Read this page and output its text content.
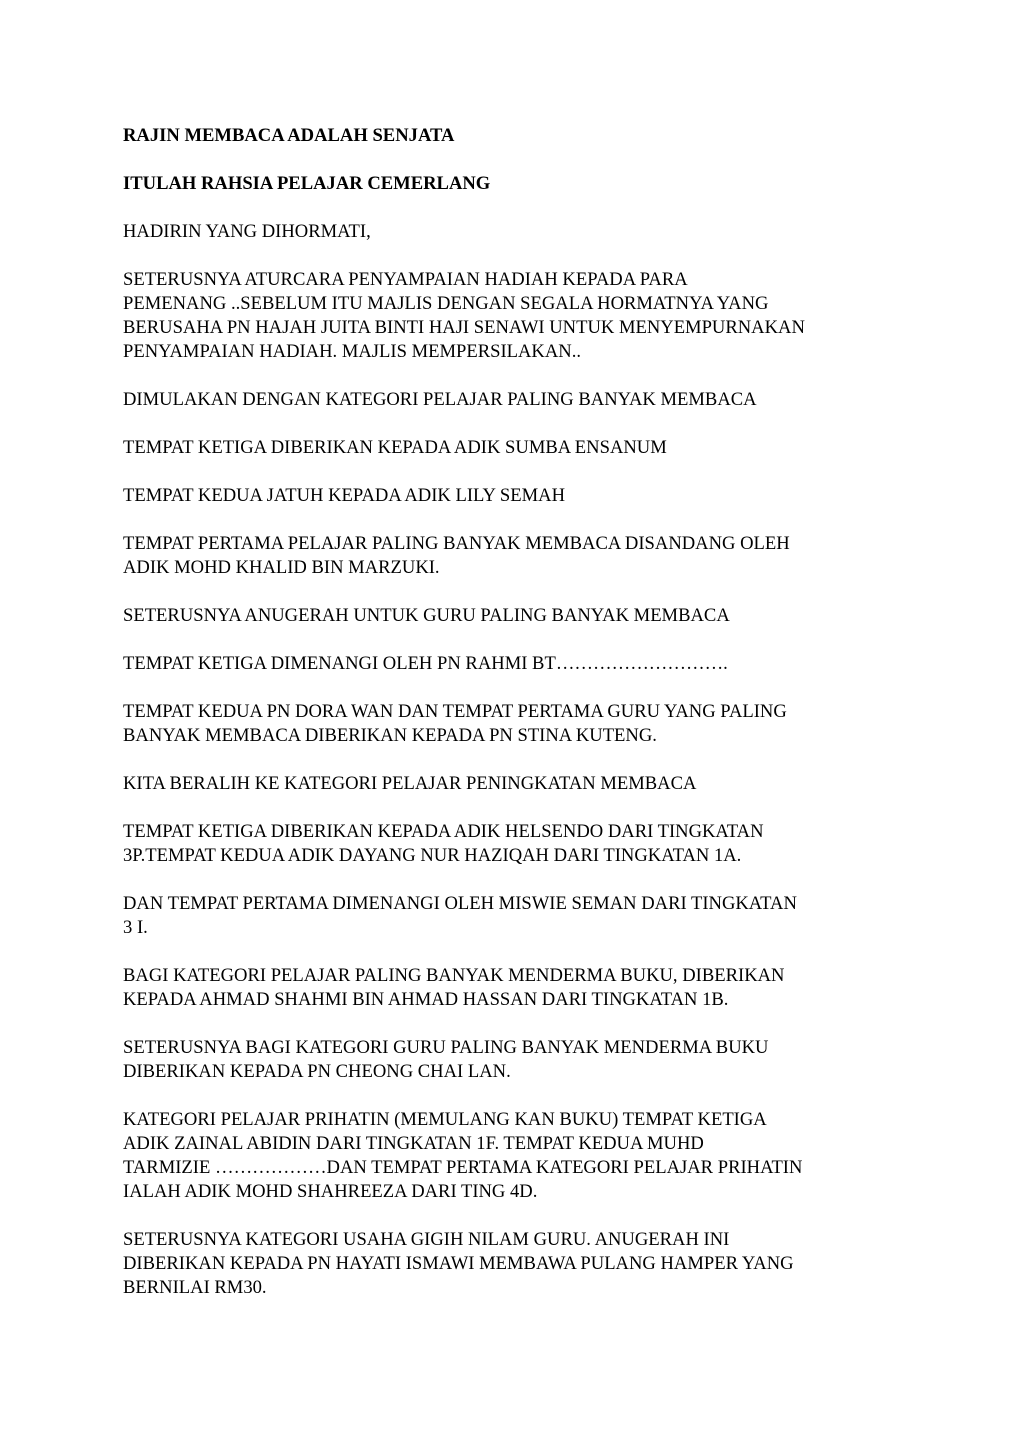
RAJIN MEMBACA ADALAH SENJATA

ITULAH RAHSIA PELAJAR CEMERLANG

HADIRIN YANG DIHORMATI,

SETERUSNYA ATURCARA PENYAMPAIAN HADIAH KEPADA PARA
PEMENANG ..SEBELUM ITU MAJLIS DENGAN SEGALA HORMATNYA YANG
BERUSAHA PN HAJAH JUITA BINTI HAJI SENAWI UNTUK MENYEMPURNAKAN
PENYAMPAIAN HADIAH. MAJLIS MEMPERSILAKAN..

DIMULAKAN DENGAN KATEGORI PELAJAR PALING BANYAK MEMBACA

TEMPAT KETIGA DIBERIKAN KEPADA ADIK SUMBA ENSANUM

TEMPAT KEDUA JATUH KEPADA ADIK LILY SEMAH

TEMPAT PERTAMA PELAJAR PALING BANYAK MEMBACA DISANDANG OLEH
ADIK MOHD KHALID BIN MARZUKI.

SETERUSNYA ANUGERAH UNTUK GURU PALING BANYAK MEMBACA

TEMPAT KETIGA DIMENANGI OLEH PN RAHMI BT……………………….

TEMPAT KEDUA PN DORA WAN DAN TEMPAT PERTAMA GURU YANG PALING
BANYAK MEMBACA DIBERIKAN KEPADA PN STINA KUTENG.

KITA BERALIH KE KATEGORI PELAJAR PENINGKATAN MEMBACA

TEMPAT KETIGA DIBERIKAN KEPADA ADIK HELSENDO DARI TINGKATAN
3P.TEMPAT KEDUA ADIK DAYANG NUR HAZIQAH DARI TINGKATAN 1A.

DAN TEMPAT PERTAMA DIMENANGI OLEH MISWIE SEMAN DARI TINGKATAN
3 I.

BAGI KATEGORI PELAJAR PALING BANYAK MENDERMA BUKU, DIBERIKAN
KEPADA AHMAD SHAHMI BIN AHMAD HASSAN DARI TINGKATAN 1B.

SETERUSNYA BAGI KATEGORI GURU PALING BANYAK MENDERMA BUKU
DIBERIKAN KEPADA PN CHEONG CHAI LAN.

KATEGORI PELAJAR PRIHATIN (MEMULANG KAN BUKU) TEMPAT KETIGA
ADIK ZAINAL ABIDIN DARI TINGKATAN 1F. TEMPAT KEDUA MUHD
TARMIZIE ………………DAN TEMPAT PERTAMA KATEGORI PELAJAR PRIHATIN
IALAH ADIK MOHD SHAHREEZA DARI TING 4D.

SETERUSNYA KATEGORI USAHA GIGIH NILAM GURU. ANUGERAH INI
DIBERIKAN KEPADA PN HAYATI ISMAWI MEMBAWA PULANG HAMPER YANG
BERNILAI RM30.
